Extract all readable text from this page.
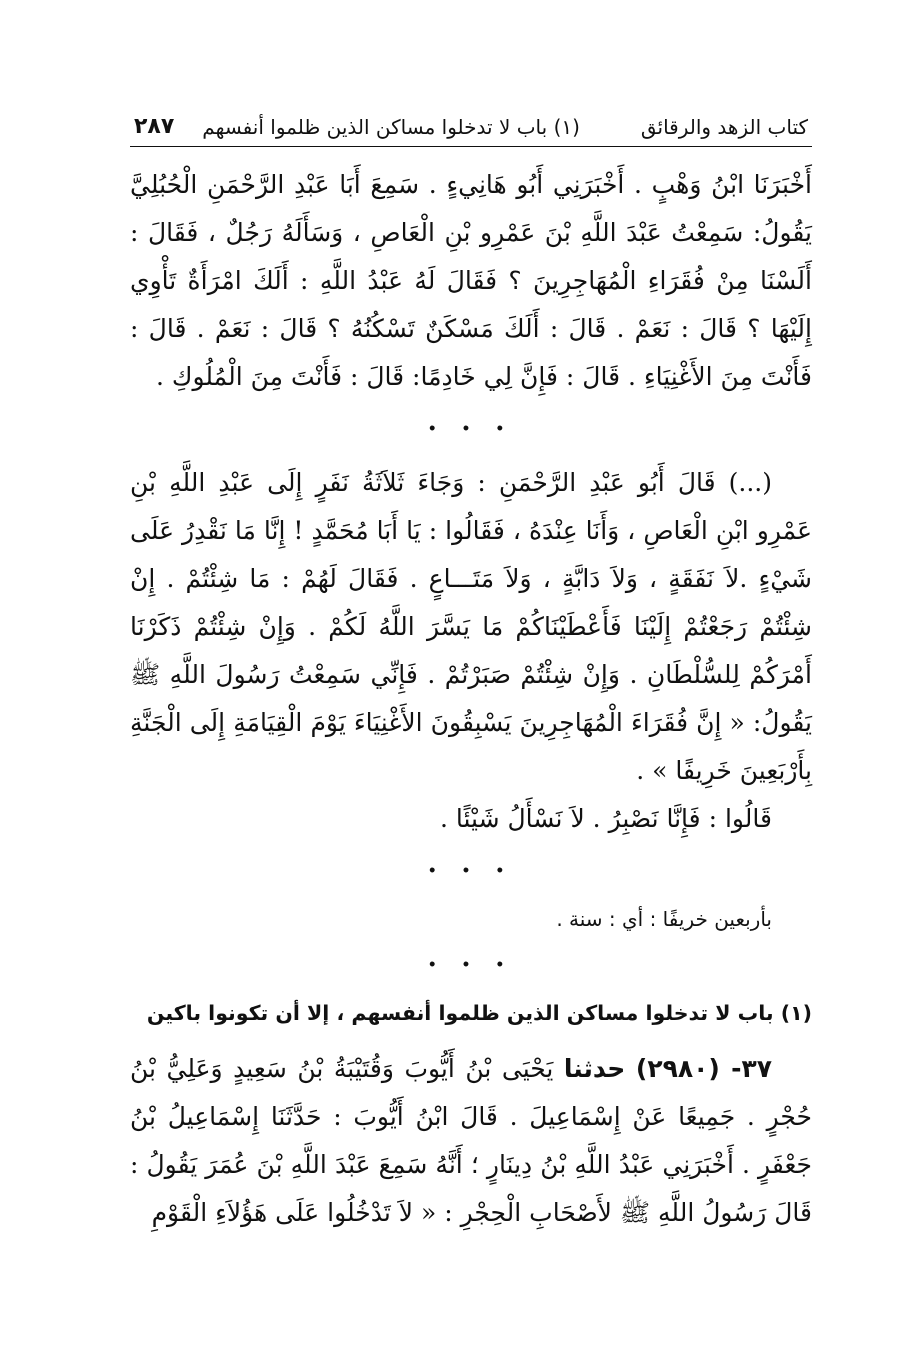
كتاب الزهد والرقائق
(١) باب لا تدخلوا مساكن الذين ظلموا أنفسهم
٢٨٧

أَخْبَرَنَا ابْنُ وَهْبٍ . أَخْبَرَنِي أَبُو هَانِيءٍ . سَمِعَ أَبَا عَبْدِ الرَّحْمَنِ الْحُبُلِيَّ يَقُولُ: سَمِعْتُ عَبْدَ اللَّهِ بْنَ عَمْرِو بْنِ الْعَاصِ ، وَسَأَلَهُ رَجُلٌ ، فَقَالَ : أَلَسْنَا مِنْ فُقَرَاءِ الْمُهَاجِرِينَ ؟ فَقَالَ لَهُ عَبْدُ اللَّهِ : أَلَكَ امْرَأَةٌ تَأْوِي إِلَيْهَا ؟ قَالَ : نَعَمْ . قَالَ : أَلَكَ مَسْكَنٌ تَسْكُنُهُ ؟ قَالَ : نَعَمْ . قَالَ : فَأَنْتَ مِنَ الأَغْنِيَاءِ . قَالَ : فَإِنَّ لِي خَادِمًا: قَالَ : فَأَنْتَ مِنَ الْمُلُوكِ .

• • •

(...) قَالَ أَبُو عَبْدِ الرَّحْمَنِ : وَجَاءَ ثَلاَثَةُ نَفَرٍ إِلَى عَبْدِ اللَّهِ بْنِ عَمْرِو ابْنِ الْعَاصِ ، وَأَنَا عِنْدَهُ ، فَقَالُوا : يَا أَبَا مُحَمَّدٍ ! إِنَّا مَا نَقْدِرُ عَلَى شَيْءٍ .لاَ نَفَقَةٍ ، وَلاَ دَابَّةٍ ، وَلاَ مَتَـــاعٍ . فَقَالَ لَهُمْ : مَا شِئْتُمْ . إِنْ شِئْتُمْ رَجَعْتُمْ إِلَيْنَا فَأَعْطَيْنَاكُمْ مَا يَسَّرَ اللَّهُ لَكُمْ . وَإِنْ شِئْتُمْ ذَكَرْنَا أَمْرَكُمْ لِلسُّلْطَانِ . وَإِنْ شِئْتُمْ صَبَرْتُمْ . فَإِنِّي سَمِعْتُ رَسُولَ اللَّهِ ﷺ يَقُولُ: « إِنَّ فُقَرَاءَ الْمُهَاجِرِينَ يَسْبِقُونَ الأَغْنِيَاءَ يَوْمَ الْقِيَامَةِ إِلَى الْجَنَّةِ بِأَرْبَعِينَ خَرِيفًا » .

قَالُوا : فَإِنَّا نَصْبِرُ . لاَ نَسْأَلُ شَيْئًا .

• • •

بأربعين خريفًا : أي : سنة .

• • •

(١) باب لا تدخلوا مساكن الذين ظلموا أنفسهم ، إلا أن تكونوا باكين

٣٧- (٢٩٨٠) حدثنا يَحْيَى بْنُ أَيُّوبَ وَقُتَيْبَةُ بْنُ سَعِيدٍ وَعَلِيُّ بْنُ حُجْرٍ . جَمِيعًا عَنْ إِسْمَاعِيلَ . قَالَ ابْنُ أَيُّوبَ : حَدَّثَنَا إِسْمَاعِيلُ بْنُ جَعْفَرٍ . أَخْبَرَنِي عَبْدُ اللَّهِ بْنُ دِينَارٍ ؛ أَنَّهُ سَمِعَ عَبْدَ اللَّهِ بْنَ عُمَرَ يَقُولُ : قَالَ رَسُولُ اللَّهِ ﷺ لأَصْحَابِ الْحِجْرِ : « لاَ تَدْخُلُوا عَلَى هَؤُلاَءِ الْقَوْمِ
